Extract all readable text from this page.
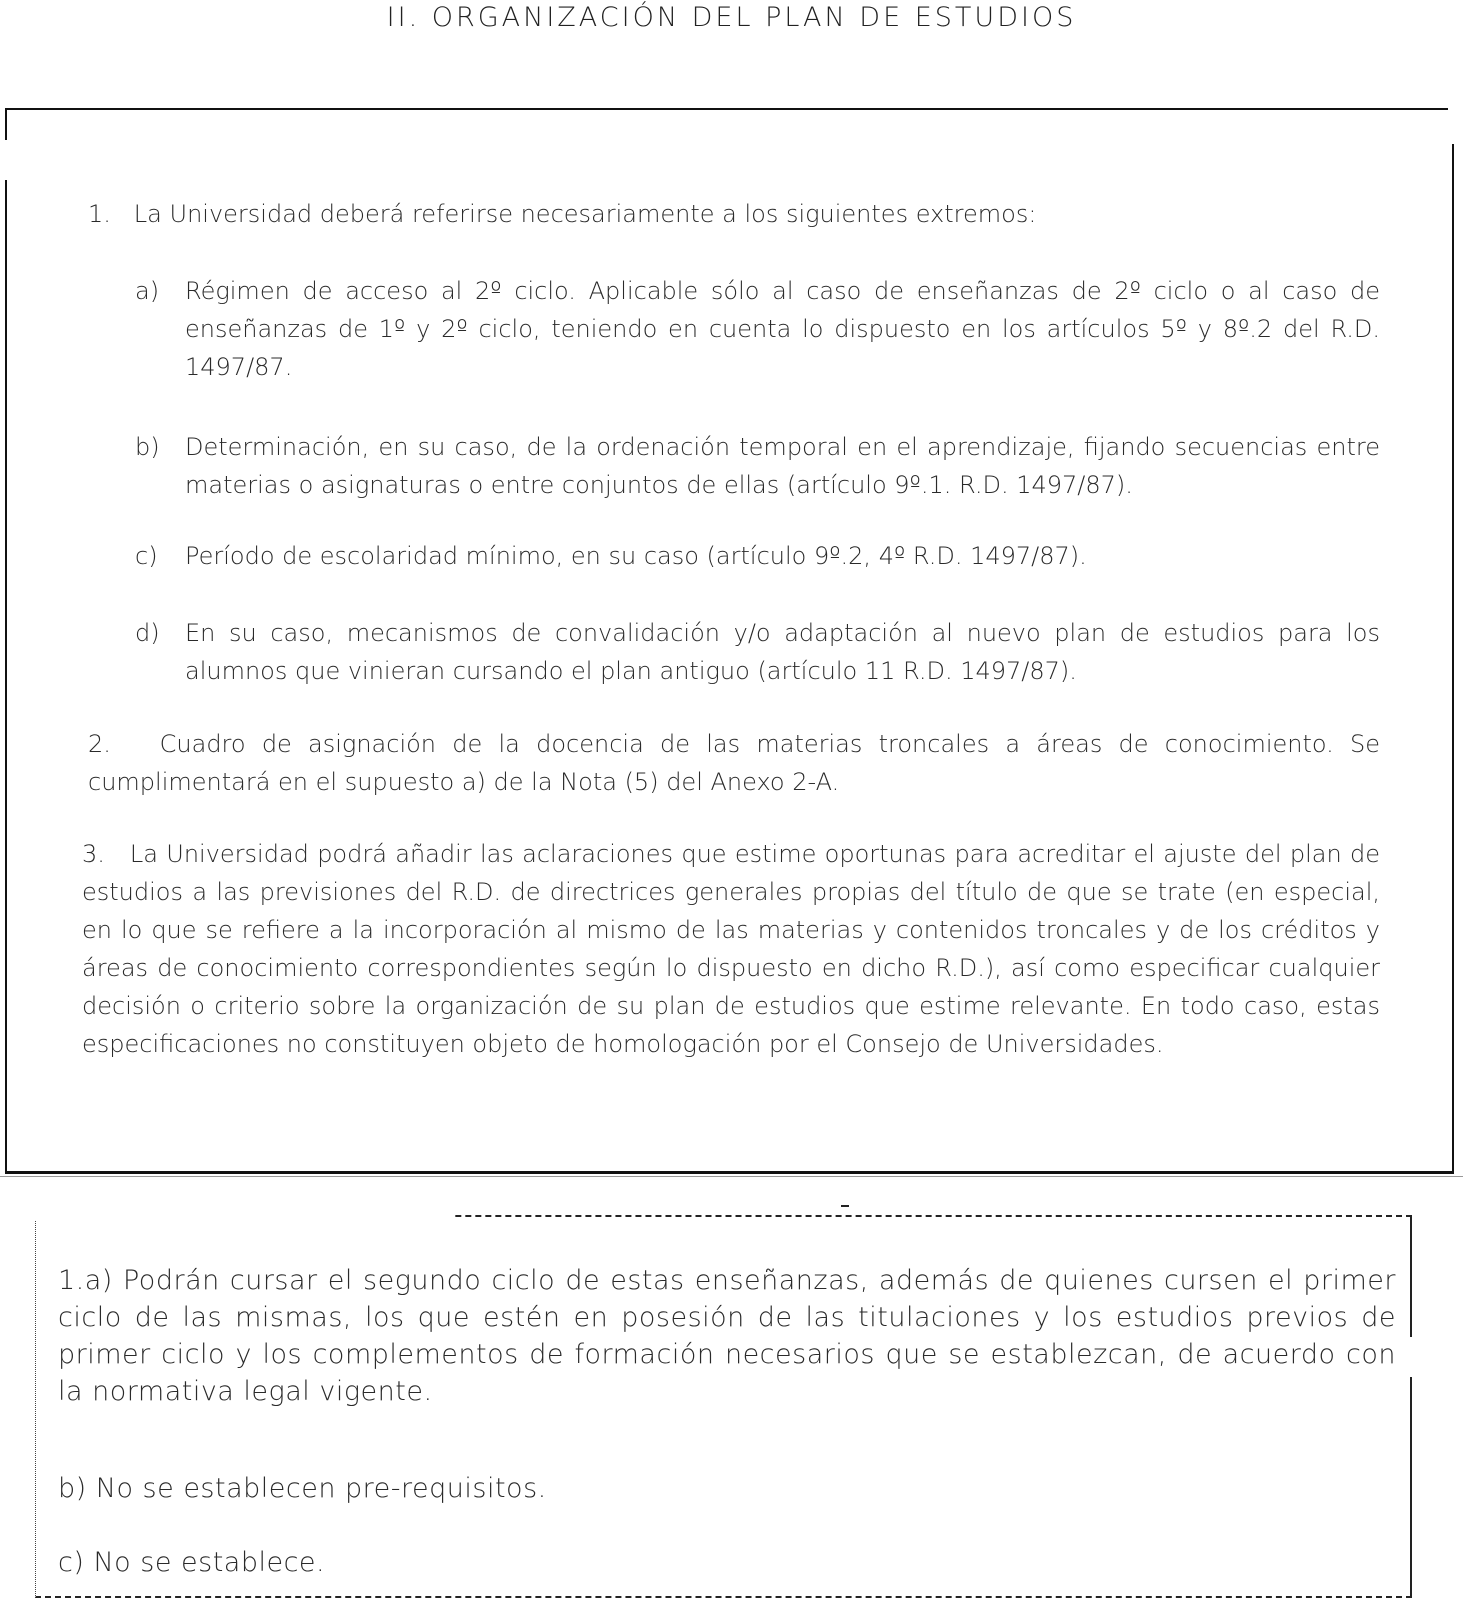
II. ORGANIZACIÓN DEL PLAN DE ESTUDIOS

1. La Universidad deberá referirse necesariamente a los siguientes extremos:

a)	Régimen de acceso al 2º ciclo. Aplicable sólo al caso de enseñanzas de 2º ciclo o al caso de enseñanzas de 1º y 2º ciclo, teniendo en cuenta lo dispuesto en los artículos 5º y 8º.2 del R.D. 1497/87.
b)	Determinación, en su caso, de la ordenación temporal en el aprendizaje, fijando secuencias entre materias o asignaturas o entre conjuntos de ellas (artículo 9º.1. R.D. 1497/87).
c)	Período de escolaridad mínimo, en su caso (artículo 9º.2, 4º R.D. 1497/87).
d)	En su caso, mecanismos de convalidación y/o adaptación al nuevo plan de estudios para los alumnos que vinieran cursando el plan antiguo (artículo 11 R.D. 1497/87).

2. Cuadro de asignación de la docencia de las materias troncales a áreas de conocimiento. Se cumplimentará en el supuesto a) de la Nota (5) del Anexo 2-A.

3. La Universidad podrá añadir las aclaraciones que estime oportunas para acreditar el ajuste del plan de estudios a las previsiones del R.D. de directrices generales propias del título de que se trate (en especial, en lo que se refiere a la incorporación al mismo de las materias y contenidos troncales y de los créditos y áreas de conocimiento correspondientes según lo dispuesto en dicho R.D.), así como especificar cualquier decisión o criterio sobre la organización de su plan de estudios que estime relevante. En todo caso, estas especificaciones no constituyen objeto de homologación por el Consejo de Universidades.

1.a) Podrán cursar el segundo ciclo de estas enseñanzas, además de quienes cursen el primer ciclo de las mismas, los que estén en posesión de las titulaciones y los estudios previos de primer ciclo y los complementos de formación necesarios que se establezcan, de acuerdo con la normativa legal vigente.

b) No se establecen pre-requisitos.

c) No se establece.
